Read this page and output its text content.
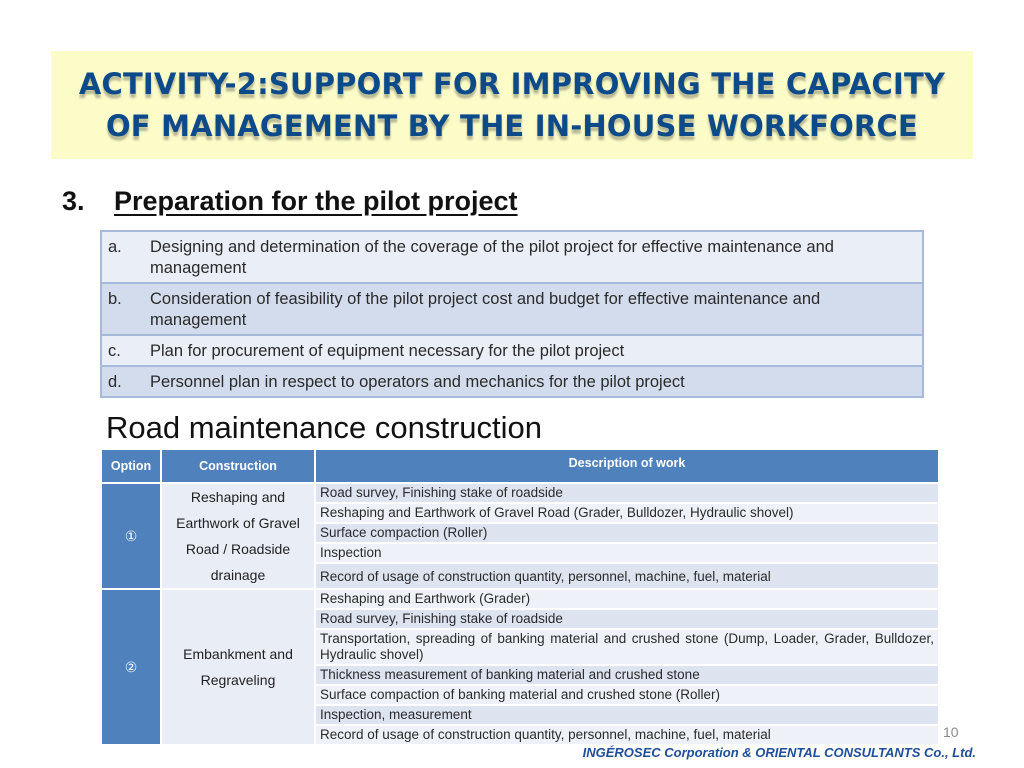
ACTIVITY-2:SUPPORT FOR IMPROVING THE CAPACITY
OF MANAGEMENT BY THE IN-HOUSE WORKFORCE
3.	Preparation for the pilot project
a.	Designing and determination of the coverage of the pilot project for effective maintenance and management
b.	Consideration of feasibility of the pilot project cost and budget for effective maintenance and management
c.	Plan for procurement of equipment necessary for the pilot project
d.	Personnel plan in respect to operators and mechanics for the pilot project
Road maintenance construction
Option	Construction	Description of work
①	Reshaping and
Earthwork of Gravel
Road / Roadside
drainage	Road survey, Finishing stake of roadside
		Reshaping and Earthwork of Gravel Road (Grader, Bulldozer, Hydraulic shovel)
		Surface compaction (Roller)
		Inspection
		Record of usage of construction quantity, personnel, machine, fuel, material
②	Embankment and
Regraveling	Reshaping and Earthwork (Grader)
		Road survey, Finishing stake of roadside
		Transportation, spreading of banking material and crushed stone (Dump, Loader, Grader, Bulldozer, Hydraulic shovel)
		Thickness measurement of banking material and crushed stone
		Surface compaction of banking material and crushed stone (Roller)
		Inspection, measurement
		Record of usage of construction quantity, personnel, machine, fuel, material	10
INGÉROSEC Corporation & ORIENTAL CONSULTANTS Co., Ltd.
